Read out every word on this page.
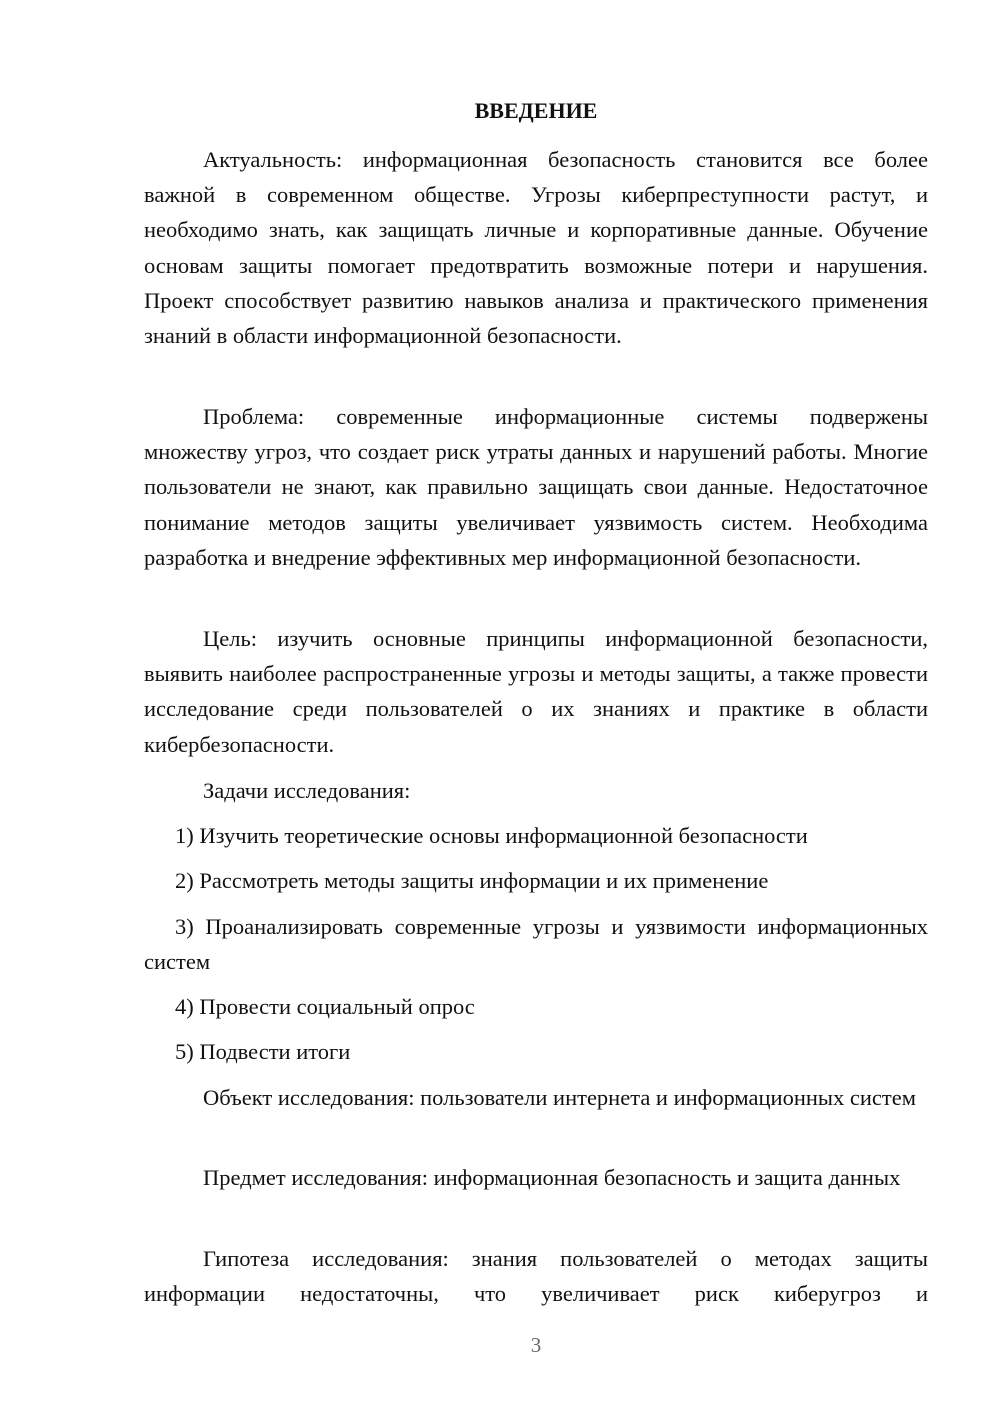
ВВЕДЕНИЕ

Актуальность: информационная безопасность становится все более важной в современном обществе. Угрозы киберпреступности растут, и необходимо знать, как защищать личные и корпоративные данные. Обучение основам защиты помогает предотвратить возможные потери и нарушения. Проект способствует развитию навыков анализа и практического применения знаний в области информационной безопасности.

Проблема: современные информационные системы подвержены множеству угроз, что создает риск утраты данных и нарушений работы. Многие пользователи не знают, как правильно защищать свои данные. Недостаточное понимание методов защиты увеличивает уязвимость систем. Необходима разработка и внедрение эффективных мер информационной безопасности.

Цель: изучить основные принципы информационной безопасности, выявить наиболее распространенные угрозы и методы защиты, а также провести исследование среди пользователей о их знаниях и практике в области кибербезопасности.

Задачи исследования:

1) Изучить теоретические основы информационной безопасности

2) Рассмотреть методы защиты информации и их применение

3) Проанализировать современные угрозы и уязвимости информационных систем

4) Провести социальный опрос

5) Подвести итоги

Объект исследования: пользователи интернета и информационных систем

Предмет исследования: информационная безопасность и защита данных

Гипотеза исследования: знания пользователей о методах защиты информации недостаточны, что увеличивает риск киберугроз и

3
